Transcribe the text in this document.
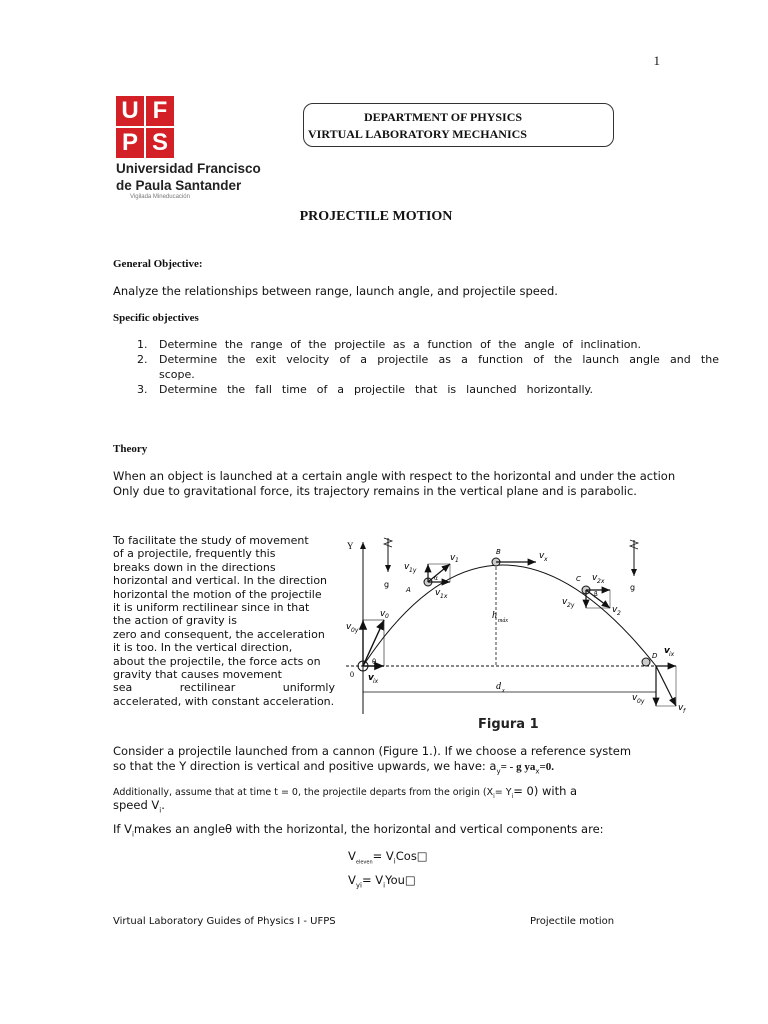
1
U F
P S
Universidad Francisco
de Paula Santander
Vigilada Mineducación
DEPARTMENT OF PHYSICS
VIRTUAL LABORATORY MECHANICS
PROJECTILE MOTION
General Objective:
Analyze the relationships between range, launch angle, and projectile speed.
Specific objectives
1.	Determine the range of the projectile as a function of the angle of inclination.
2.	Determine the exit velocity of a projectile as a function of the launch angle and the
scope.
3.	Determine the fall time of a projectile that is launched horizontally.
Theory
When an object is launched at a certain angle with respect to the horizontal and under the action
Only due to gravitational force, its trajectory remains in the vertical plane and is parabolic.
To facilitate the study of movement
of a projectile, frequently this
breaks down in the directions
horizontal and vertical. In the direction
horizontal the motion of the projectile
it is uniform rectilinear since in that
the action of gravity is
zero and consequent, the acceleration
it is too. In the vertical direction,
about the projectile, the force acts on
gravity that causes movement
sea rectilinear uniformly
accelerated, with constant acceleration.
Y
0
g	g
h máx
d x
θ
v 0
v 0y
v ix
A
α
v 1
v 1y
v 1x
B	v x
C
β
v 2x
v 2y	v 2
D v ix
v 0y
v f
Figura 1
Consider a projectile launched from a cannon (Figure 1.). If we choose a reference system
so that the Y direction is vertical and positive upwards, we have: $a_y= - g$ $ya_x=0$.
Additionally, assume that at time t = 0, the projectile departs from the origin $(X_i= Y_i= 0)$ with a
speed $V_i$.
If $V_imakes$ an angleθ with the horizontal, the horizontal and vertical components are:
$V_{eleven}=$ $V_iCos□$
$V_{yi}=$ $V_iYou□$
Virtual Laboratory Guides of Physics I - UFPS	Projectile motion
